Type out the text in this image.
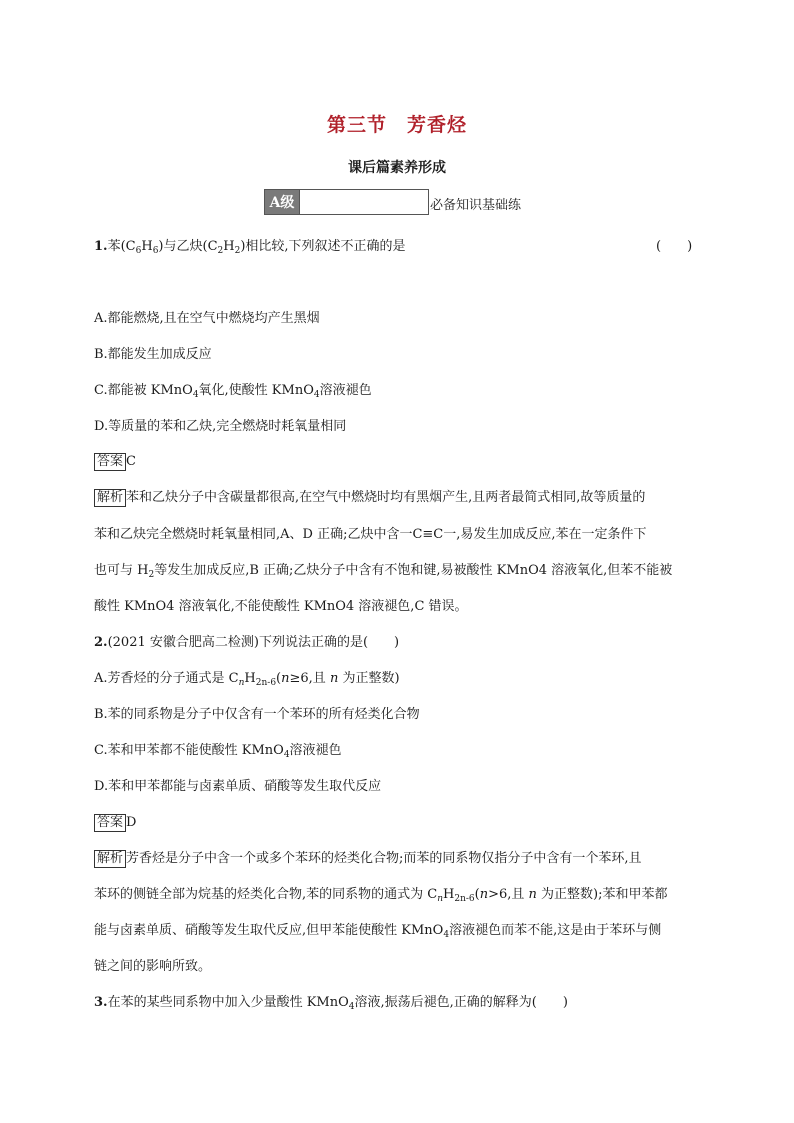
第三节　芳香烃
课后篇素养形成
A级	必备知识基础练
1.苯$(C_6H_6)$与乙炔$(C_2H_2)$相比较,下列叙述不正确的是	(　　)
A.都能燃烧,且在空气中燃烧均产生黑烟
B.都能发生加成反应
C.都能被 KMnO$_4$氧化,使酸性 KMnO$_4$溶液褪色
D.等质量的苯和乙炔,完全燃烧时耗氧量相同
答案 C
解析 苯和乙炔分子中含碳量都很高,在空气中燃烧时均有黑烟产生,且两者最简式相同,故等质量的
苯和乙炔完全燃烧时耗氧量相同,A、D 正确;乙炔中含一C≡C一,易发生加成反应,苯在一定条件下
也可与 $H_2$等发生加成反应,B 正确;乙炔分子中含有不饱和键,易被酸性 KMnO4 溶液氧化,但苯不能被
酸性 KMnO4 溶液氧化,不能使酸性 KMnO4 溶液褪色,C 错误。
2.(2021 安徽合肥高二检测)下列说法正确的是(　　)
A.芳香烃的分子通式是 $C_nH_{2n-6}(n\ge 6$,且 n 为正整数)
B.苯的同系物是分子中仅含有一个苯环的所有烃类化合物
C.苯和甲苯都不能使酸性 KMnO$_4$溶液褪色
D.苯和甲苯都能与卤素单质、硝酸等发生取代反应
答案 D
解析 芳香烃是分子中含一个或多个苯环的烃类化合物;而苯的同系物仅指分子中含有一个苯环,且
苯环的侧链全部为烷基的烃类化合物,苯的同系物的通式为 $C_nH_{2n-6}(n>6$,且 n 为正整数);苯和甲苯都
能与卤素单质、硝酸等发生取代反应,但甲苯能使酸性 KMnO$_4$溶液褪色而苯不能,这是由于苯环与侧
链之间的影响所致。
3.在苯的某些同系物中加入少量酸性 KMnO$_4$溶液,振荡后褪色,正确的解释为(　　)
